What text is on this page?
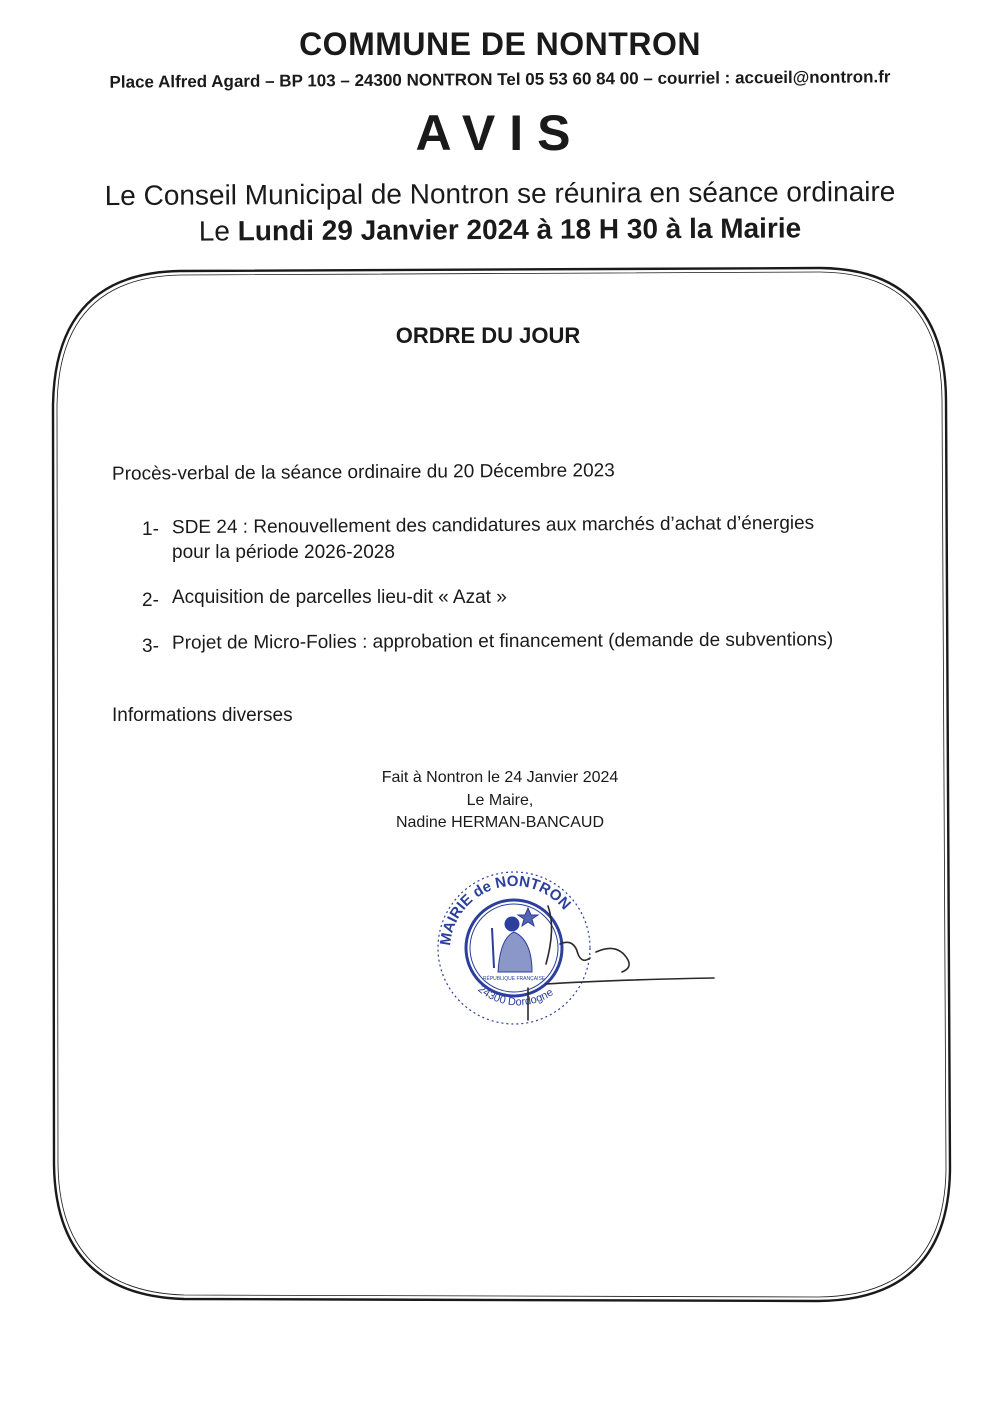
COMMUNE DE NONTRON
Place Alfred Agard – BP 103 – 24300 NONTRON Tel 05 53 60 84 00 – courriel : accueil@nontron.fr
AVIS
Le Conseil Municipal de Nontron se réunira en séance ordinaire
Le Lundi 29 Janvier 2024 à 18 H 30 à la Mairie
ORDRE DU JOUR
Procès-verbal de la séance ordinaire du 20 Décembre 2023
1- SDE 24 : Renouvellement des candidatures aux marchés d’achat d’énergies
pour la période 2026-2028
2- Acquisition de parcelles lieu-dit « Azat »
3- Projet de Micro-Folies : approbation et financement (demande de subventions)
Informations diverses
Fait à Nontron le 24 Janvier 2024
Le Maire,
Nadine HERMAN-BANCAUD
MAIRIE de NONTRON
24300 Dordogne
RÉPUBLIQUE FRANÇAISE
